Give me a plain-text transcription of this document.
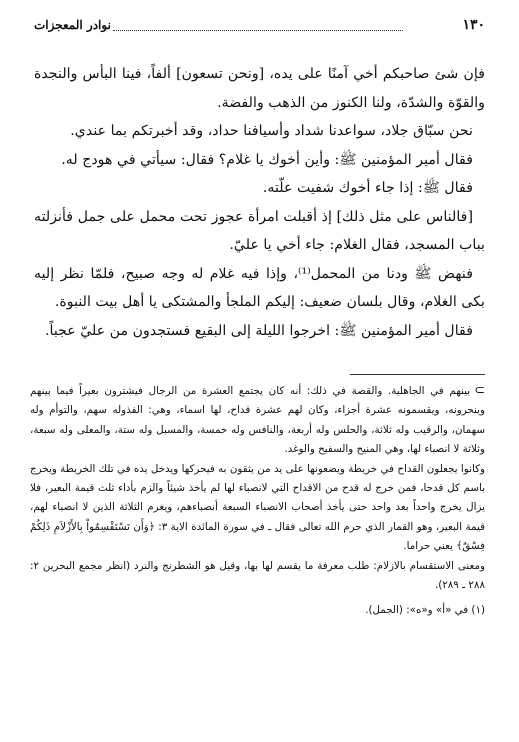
١٣٠
نوادر المعجزات

فإن شئ صاحبكم أخي آمنًا على يده، [ونحن تسعون] ألفاً، فينا البأس والنجدة والقوّة والشدّة، ولنا الكنوز من الذهب والفضة.

نحن سبّاق جلاد، سواعدنا شداد وأسيافنا حداد، وقد أخبرتكم بما عندي.

فقال أمير المؤمنين ﷺ: وأين أخوك يا غلام؟ فقال: سيأتي في هودج له.

فقال ﷺ: إذا جاء أخوك شفيت علّته.

[فالناس على مثل ذلك] إذ أقبلت امرأة عجوز تحت محمل على جمل فأنزلته بباب المسجد، فقال الغلام: جاء أخي يا عليّ.

فنهض ﷺ ودنا من المحمل⁽¹⁾، وإذا فيه غلام له وجه صبيح، فلمّا نظر إليه بكى الغلام، وقال بلسان ضعيف: إليكم الملجأ والمشتكى يا أهل بيت النبوة.

فقال أمير المؤمنين ﷺ: اخرجوا الليلة إلى البقيع فستجدون من عليّ عجباً.

⊃بينهم في الجاهلية. والقصة في ذلك: أنه كان يجتمع العشرة من الرجال فيشترون بعيراً فيما بينهم وينحرونه، ويقسمونه عشرة أجزاء، وكان لهم عشرة قداح، لها اسماء، وهي: الفذوله سهم، والتوأم وله سهمان، والرقيب وله ثلاثة، والحلس وله أربعة، والنافس وله خمسة، والمسبل وله ستة، والمعلى وله سبعة، وثلاثة لا انصباء لها، وهي المنيح والسفيح والوغد.

وكانوا يجعلون القداح في خريطة ويضعونها على يد من يثقون به فيحركها ويدخل يده في تلك الخريطة ويخرج باسم كل قدحا، فمن خرج له قدح من الاقداح التي لانصباء لها لم يأخذ شيئاً والزم بأداء ثلث قيمة البعير، فلا يزال يخرج واحداً بعد واحد حتى يأخذ أصحاب الانصباء السبعة أنصباءهم، ويغرم الثلاثة الذين لا انصباء لهم، قيمة البعير، وهو القمار الذي حرم الله تعالى فقال ـ في سورة المائدة الاية ٣: ﴿وَأَن تَسْتَقْسِمُواْ بِالأَزْلاَمِ ذَلِكُمْ فِسْقٌ﴾ يعني حراما.

ومعنى الاستقسام بالازلام: طلب معرفة ما يقسم لها بها، وقيل هو الشطرنج والنرد (انظر مجمع البحرين ٢: ٢٨٨ ـ ٢٨٩).

(١) في «أ» و«ه»: (الجمل).
